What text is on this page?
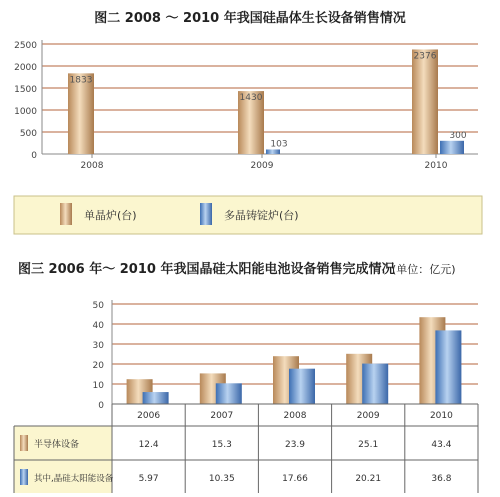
图二 2008 ～ 2010 年我国硅晶体生长设备销售情况
0
500
1000
1500
2000
2500
2008
1833
2009
1430
103
2010
2376
300
单晶炉(台)	多晶铸锭炉(台)
图三 2006 年～ 2010 年我国晶硅太阳能电池设备销售完成情况
(单位：亿元)
0
10
20
30
40
50
2006
12.4
5.97
2007
15.3
10.35
2008
23.9
17.66
2009
25.1
20.21
2010
43.4
36.8
半导体设备
其中,晶硅太阳能设备
